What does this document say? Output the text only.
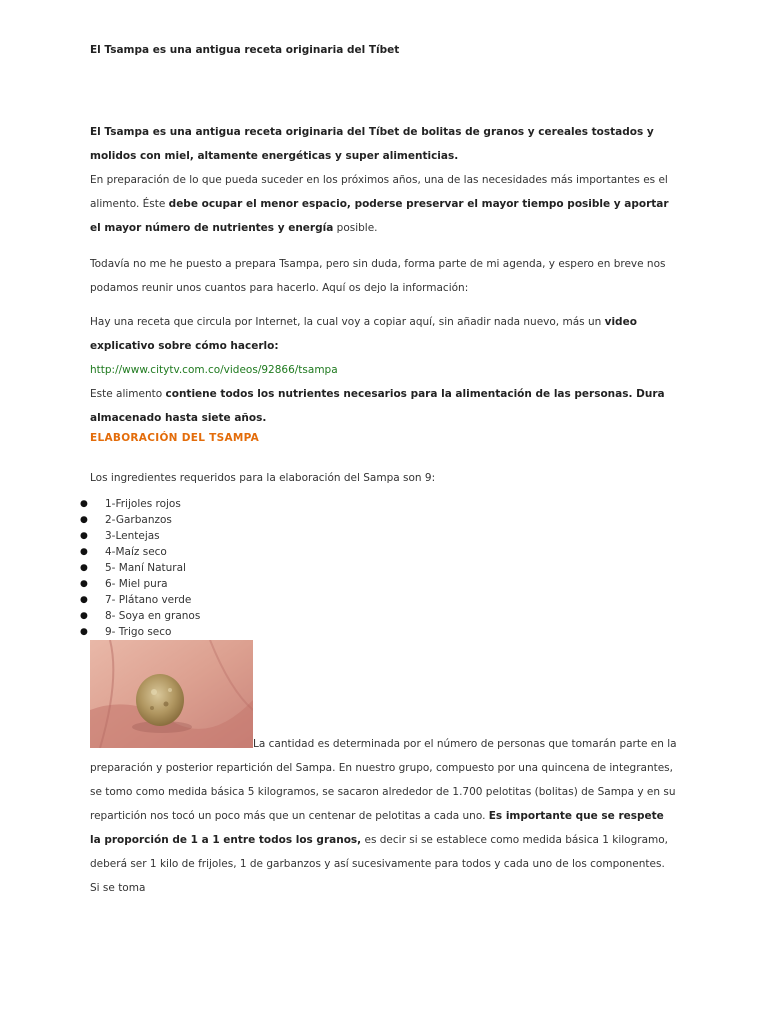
El Tsampa es una antigua receta originaria del Tíbet
El Tsampa es una antigua receta originaria del Tíbet de bolitas de granos y cereales tostados y molidos con miel, altamente energéticas y super alimenticias.
En preparación de lo que pueda suceder en los próximos años, una de las necesidades más importantes es el alimento. Éste debe ocupar el menor espacio, poderse preservar el mayor tiempo posible y aportar el mayor número de nutrientes y energía posible.
Todavía no me he puesto a prepara Tsampa, pero sin duda, forma parte de mi agenda, y espero en breve nos podamos reunir unos cuantos para hacerlo. Aquí os dejo la información:
Hay una receta que circula por Internet, la cual voy a copiar aquí, sin añadir nada nuevo, más un video explicativo sobre cómo hacerlo:
http://www.citytv.com.co/videos/92866/tsampa
Este alimento contiene todos los nutrientes necesarios para la alimentación de las personas. Dura almacenado hasta siete años.
ELABORACIÓN DEL TSAMPA
Los ingredientes requeridos para la elaboración del Sampa son 9:
● 1-Frijoles rojos
● 2-Garbanzos
● 3-Lentejas
● 4-Maíz seco
● 5- Maní Natural
● 6- Miel pura
● 7- Plátano verde
● 8- Soya en granos
● 9- Trigo seco
La cantidad es determinada por el número de personas que tomarán parte en la
preparación y posterior repartición del Sampa. En nuestro grupo, compuesto por una quincena de integrantes, se tomo como medida básica 5 kilogramos, se sacaron alrededor de 1.700 pelotitas (bolitas) de Sampa y en su repartición nos tocó un poco más que un centenar de pelotitas a cada uno. Es importante que se respete la proporción de 1 a 1 entre todos los granos, es decir si se establece como medida básica 1 kilogramo, deberá ser 1 kilo de frijoles, 1 de garbanzos y así sucesivamente para todos y cada uno de los componentes. Si se toma
